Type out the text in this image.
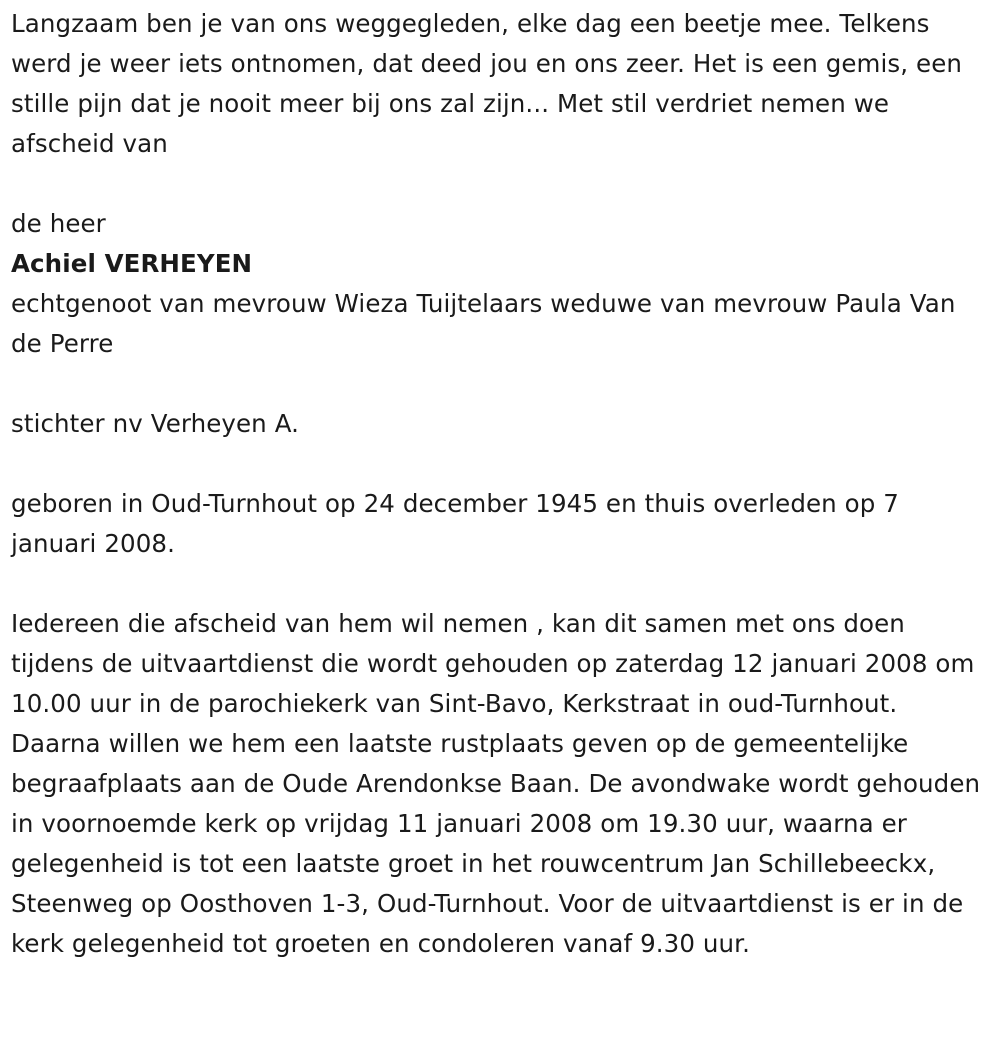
Langzaam ben je van ons weggegleden, elke dag een beetje mee. Telkens werd je weer iets ontnomen, dat deed jou en ons zeer. Het is een gemis, een stille pijn dat je nooit meer bij ons zal zijn... Met stil verdriet nemen we afscheid van

de heer

Achiel VERHEYEN

echtgenoot van mevrouw Wieza Tuijtelaars weduwe van mevrouw Paula Van de Perre

stichter nv Verheyen A.

geboren in Oud-Turnhout op 24 december 1945 en thuis overleden op 7 januari 2008.

Iedereen die afscheid van hem wil nemen , kan dit samen met ons doen tijdens de uitvaartdienst die wordt gehouden op zaterdag 12 januari 2008 om 10.00 uur in de parochiekerk van Sint-Bavo, Kerkstraat in oud-Turnhout. Daarna willen we hem een laatste rustplaats geven op de gemeentelijke begraafplaats aan de Oude Arendonkse Baan. De avondwake wordt gehouden in voornoemde kerk op vrijdag 11 januari 2008 om 19.30 uur, waarna er gelegenheid is tot een laatste groet in het rouwcentrum Jan Schillebeeckx, Steenweg op Oosthoven 1-3, Oud-Turnhout. Voor de uitvaartdienst is er in de kerk gelegenheid tot groeten en condoleren vanaf 9.30 uur.
